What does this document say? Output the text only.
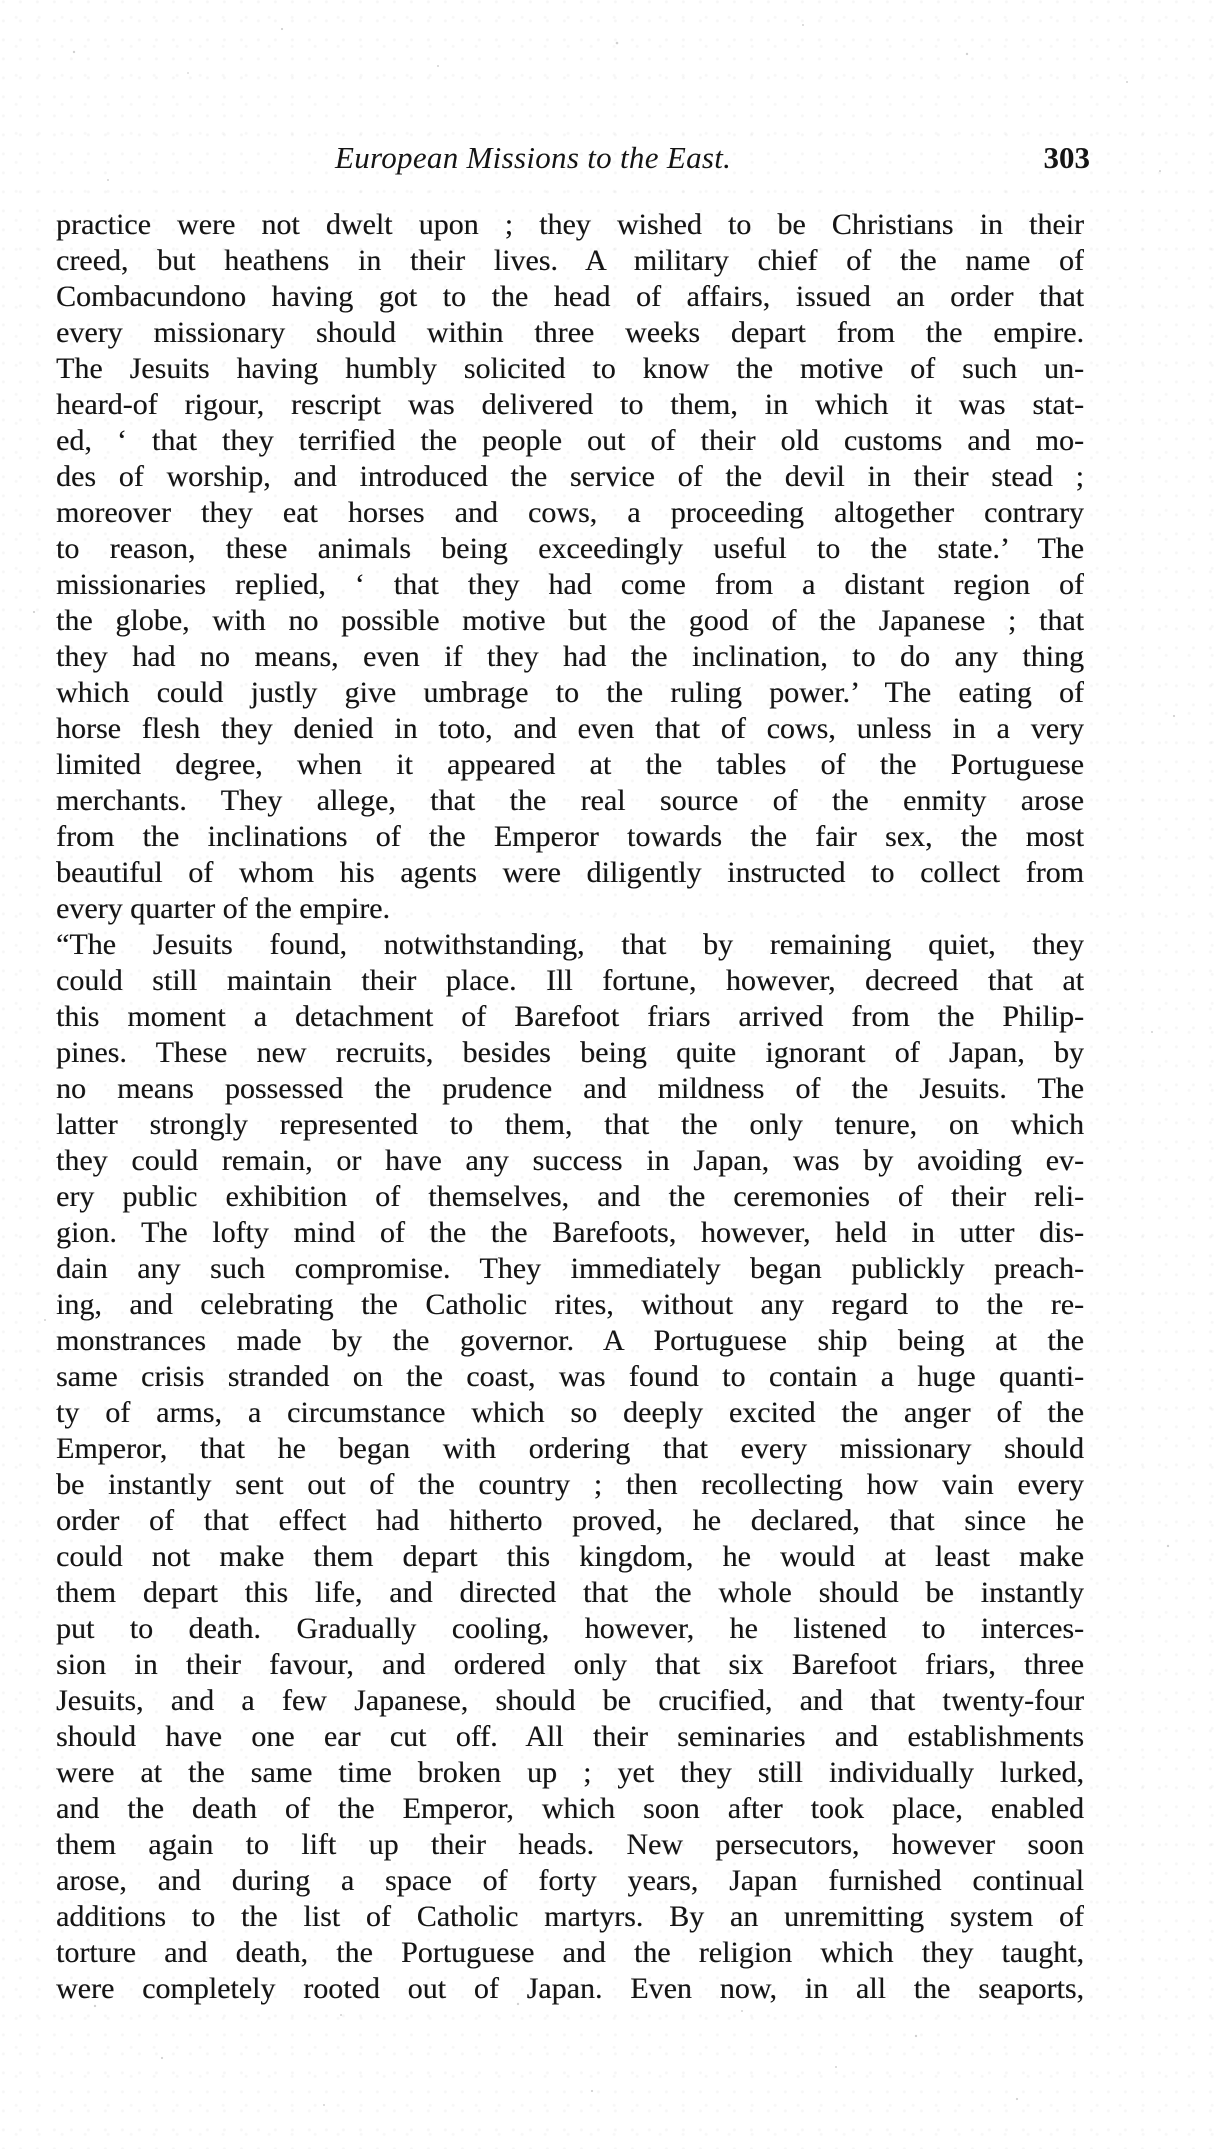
European Missions to the East.	303
practice were not dwelt upon ; they wished to be Christians in their
creed, but heathens in their lives. A military chief of the name of
Combacundono having got to the head of affairs, issued an order that
every missionary should within three weeks depart from the empire.
The Jesuits having humbly solicited to know the motive of such un-
heard-of rigour, rescript was delivered to them, in which it was stat-
ed, ‘ that they terrified the people out of their old customs and mo-
des of worship, and introduced the service of the devil in their stead ;
moreover they eat horses and cows, a proceeding altogether contrary
to reason, these animals being exceedingly useful to the state.’ The
missionaries replied, ‘ that they had come from a distant region of
the globe, with no possible motive but the good of the Japanese ; that
they had no means, even if they had the inclination, to do any thing
which could justly give umbrage to the ruling power.’ The eating of
horse flesh they denied in toto, and even that of cows, unless in a very
limited degree, when it appeared at the tables of the Portuguese
merchants. They allege, that the real source of the enmity arose
from the inclinations of the Emperor towards the fair sex, the most
beautiful of whom his agents were diligently instructed to collect from
every quarter of the empire.
“The Jesuits found, notwithstanding, that by remaining quiet, they
could still maintain their place. Ill fortune, however, decreed that at
this moment a detachment of Barefoot friars arrived from the Philip-
pines. These new recruits, besides being quite ignorant of Japan, by
no means possessed the prudence and mildness of the Jesuits. The
latter strongly represented to them, that the only tenure, on which
they could remain, or have any success in Japan, was by avoiding ev-
ery public exhibition of themselves, and the ceremonies of their reli-
gion. The lofty mind of the the Barefoots, however, held in utter dis-
dain any such compromise. They immediately began publickly preach-
ing, and celebrating the Catholic rites, without any regard to the re-
monstrances made by the governor. A Portuguese ship being at the
same crisis stranded on the coast, was found to contain a huge quanti-
ty of arms, a circumstance which so deeply excited the anger of the
Emperor, that he began with ordering that every missionary should
be instantly sent out of the country ; then recollecting how vain every
order of that effect had hitherto proved, he declared, that since he
could not make them depart this kingdom, he would at least make
them depart this life, and directed that the whole should be instantly
put to death. Gradually cooling, however, he listened to interces-
sion in their favour, and ordered only that six Barefoot friars, three
Jesuits, and a few Japanese, should be crucified, and that twenty-four
should have one ear cut off. All their seminaries and establishments
were at the same time broken up ; yet they still individually lurked,
and the death of the Emperor, which soon after took place, enabled
them again to lift up their heads. New persecutors, however soon
arose, and during a space of forty years, Japan furnished continual
additions to the list of Catholic martyrs. By an unremitting system of
torture and death, the Portuguese and the religion which they taught,
were completely rooted out of Japan. Even now, in all the seaports,
